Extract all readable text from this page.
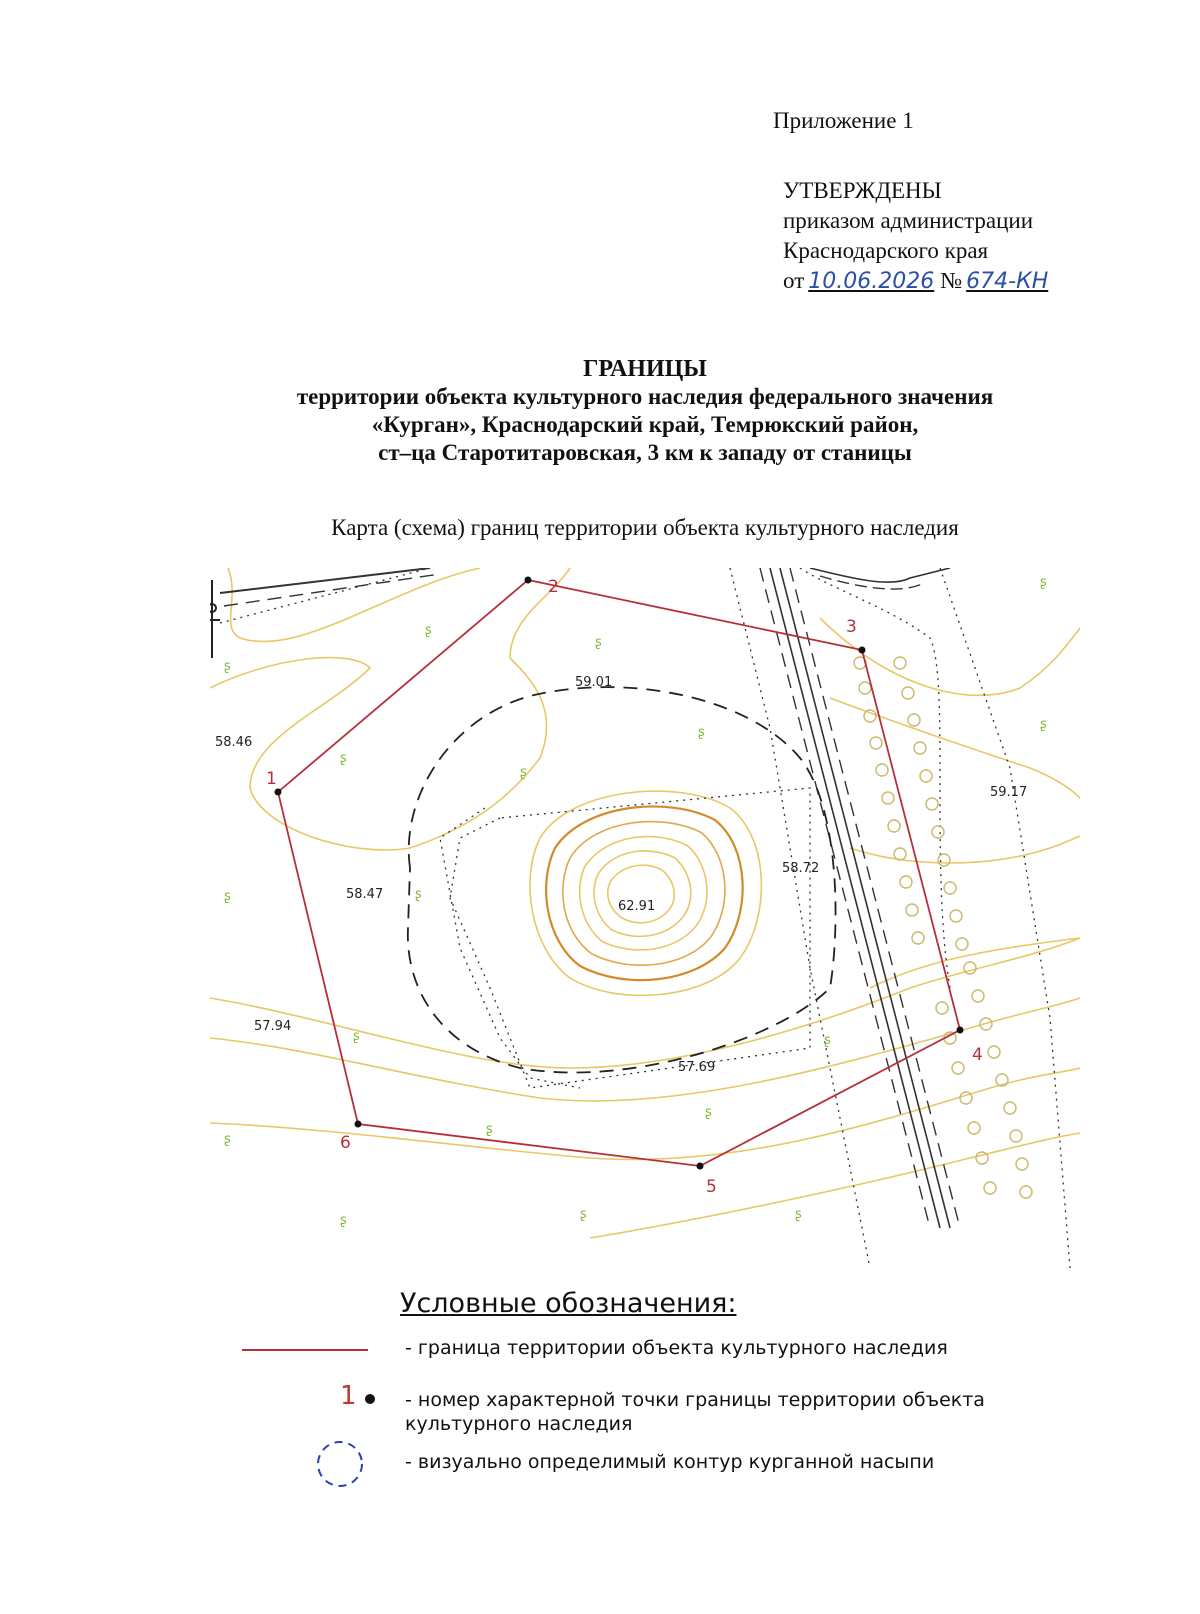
Приложение 1
УТВЕРЖДЕНЫ
приказом администрации
Краснодарского края
от 10.06.2026 № 674-КН
ГРАНИЦЫ
территории объекта культурного наследия федерального значения
«Курган», Краснодарский край, Темрюкский район,
ст–ца Старотитаровская, 3 км к западу от станицы
Карта (схема) границ территории объекта культурного наследия
ʂ
ʂ
ʂ
ʂ
ʂ
ʂ
ʂ
ʂ
ʂ	ʂ
ʂ
ʂ
ʂ
ʂ
ʂ
ʂ	ʂ	ʂ
1
2
3
4
5
6
58.46
59.01
59.17
58.72
58.47
62.91
57.94
57.69
Условные обозначения:
- граница территории объекта культурного наследия
1	- номер характерной точки границы территории объекта культурного наследия
- визуально определимый контур курганной насыпи
